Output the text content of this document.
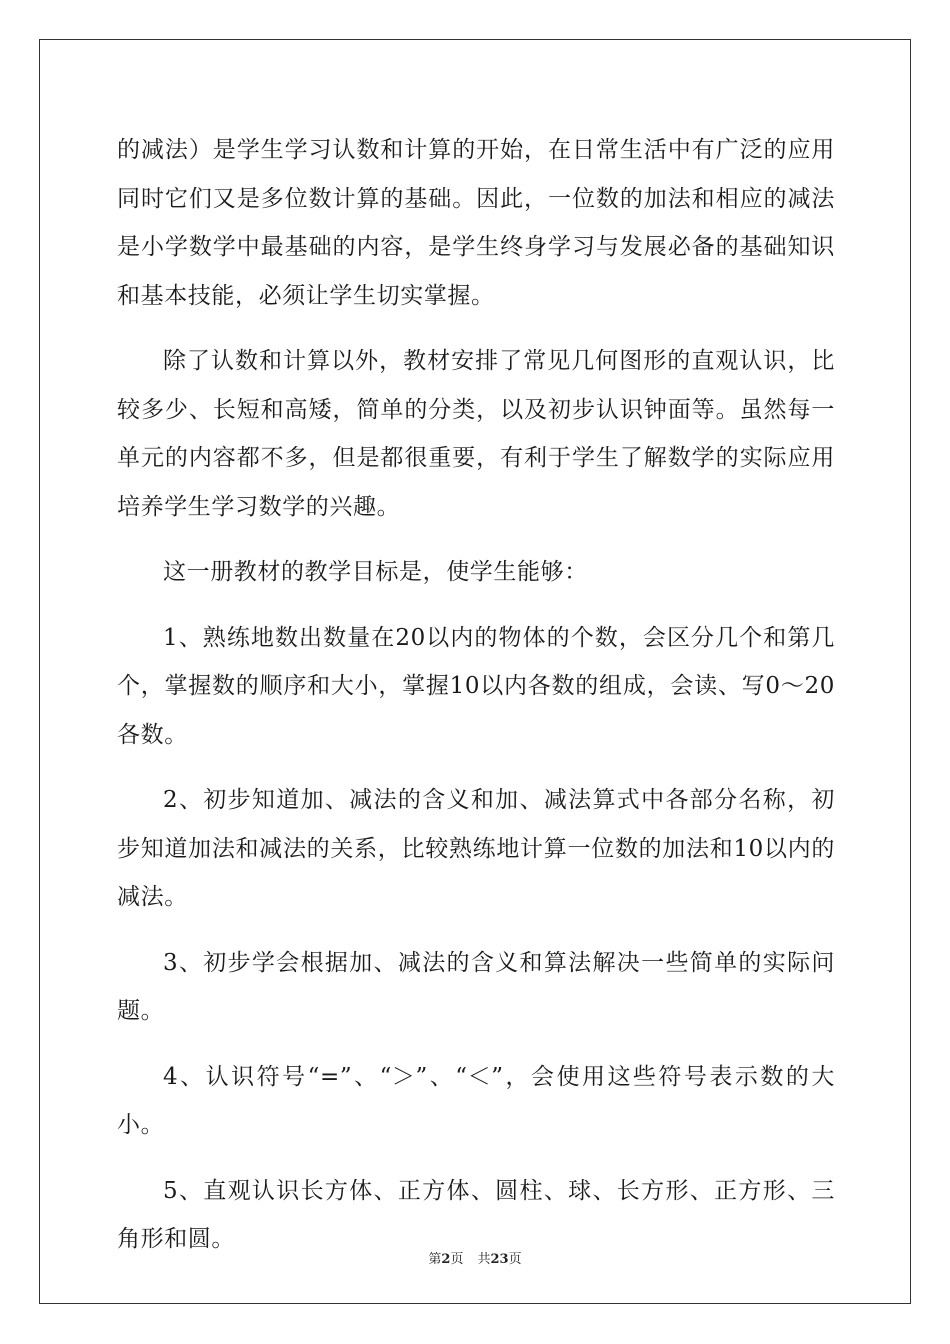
的减法）是学生学习认数和计算的开始，在日常生活中有广泛的应用同时它们又是多位数计算的基础。因此，一位数的加法和相应的减法是小学数学中最基础的内容，是学生终身学习与发展必备的基础知识和基本技能，必须让学生切实掌握。

除了认数和计算以外，教材安排了常见几何图形的直观认识，比较多少、长短和高矮，简单的分类，以及初步认识钟面等。虽然每一单元的内容都不多，但是都很重要，有利于学生了解数学的实际应用培养学生学习数学的兴趣。

这一册教材的教学目标是，使学生能够：

1、熟练地数出数量在20以内的物体的个数，会区分几个和第几个，掌握数的顺序和大小，掌握10以内各数的组成，会读、写0～20各数。

2、初步知道加、减法的含义和加、减法算式中各部分名称，初步知道加法和减法的关系，比较熟练地计算一位数的加法和10以内的减法。

3、初步学会根据加、减法的含义和算法解决一些简单的实际问题。

4、认识符号“=”、“＞”、“＜”，会使用这些符号表示数的大小。

5、直观认识长方体、正方体、圆柱、球、长方形、正方形、三角形和圆。

第2页 共23页
